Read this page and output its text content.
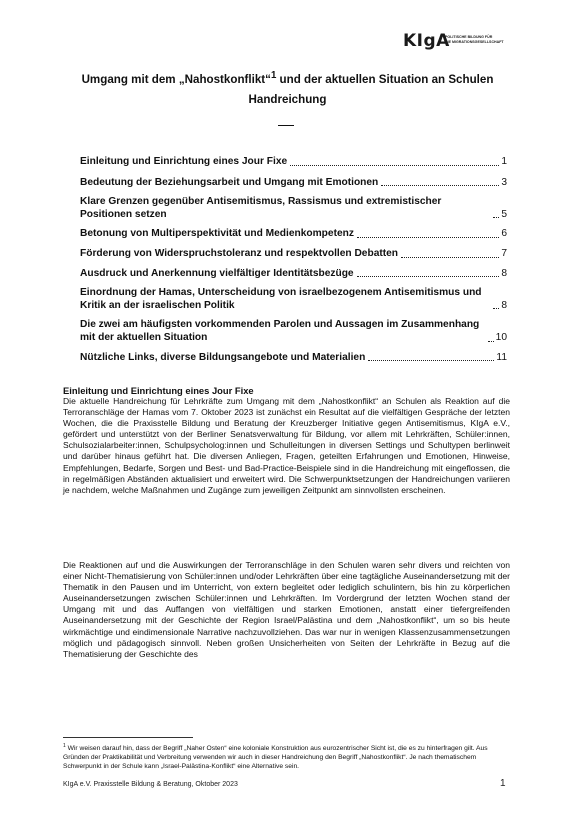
KIgA
POLITISCHE BILDUNG FÜR
DIE MIGRATIONSGESELLSCHAFT
Umgang mit dem „Nahostkonflikt“$^1$ und der aktuellen Situation an Schulen
Handreichung
Einleitung und Einrichtung eines Jour Fixe	1
Bedeutung der Beziehungsarbeit und Umgang mit Emotionen	3
Klare Grenzen gegenüber Antisemitismus, Rassismus und extremistischer Positionen setzen	5
Betonung von Multiperspektivität und Medienkompetenz	6
Förderung von Widerspruchstoleranz und respektvollen Debatten	7
Ausdruck und Anerkennung vielfältiger Identitätsbezüge	8
Einordnung der Hamas, Unterscheidung von israelbezogenem Antisemitismus und Kritik an der israelischen Politik	8
Die zwei am häufigsten vorkommenden Parolen und Aussagen im Zusammenhang mit der aktuellen Situation	10
Nützliche Links, diverse Bildungsangebote und Materialien	11
Einleitung und Einrichtung eines Jour Fixe
Die aktuelle Handreichung für Lehrkräfte zum Umgang mit dem „Nahostkonflikt“ an Schulen als Reaktion auf die Terroranschläge der Hamas vom 7. Oktober 2023 ist zunächst ein Resultat auf die vielfältigen Gespräche der letzten Wochen, die die Praxisstelle Bildung und Beratung der Kreuzberger Initiative gegen Antisemitismus, KIgA e.V., gefördert und unterstützt von der Berliner Senatsverwaltung für Bildung, vor allem mit Lehrkräften, Schüler:innen, Schulsozialarbeiter:innen, Schulpsycholog:innen und Schulleitungen in diversen Settings und Schultypen berlinweit und darüber hinaus geführt hat. Die diversen Anliegen, Fragen, geteilten Erfahrungen und Emotionen, Hinweise, Empfehlungen, Bedarfe, Sorgen und Best- und Bad-Practice-Beispiele sind in die Handreichung mit eingeflossen, die in regelmäßigen Abständen aktualisiert und erweitert wird. Die Schwerpunktsetzungen der Handreichungen variieren je nachdem, welche Maßnahmen und Zugänge zum jeweiligen Zeitpunkt am sinnvollsten erscheinen.
Die Reaktionen auf und die Auswirkungen der Terroranschläge in den Schulen waren sehr divers und reichten von einer Nicht-Thematisierung von Schüler:innen und/oder Lehrkräften über eine tagtägliche Auseinandersetzung mit der Thematik in den Pausen und im Unterricht, von extern begleitet oder lediglich schulintern, bis hin zu körperlichen Auseinandersetzungen zwischen Schüler:innen und Lehrkräften. Im Vordergrund der letzten Wochen stand der Umgang mit und das Auffangen von vielfältigen und starken Emotionen, anstatt einer tiefergreifenden Auseinandersetzung mit der Geschichte der Region Israel/Palästina und dem „Nahostkonflikt“, um so bis heute wirkmächtige und eindimensionale Narrative nachzuvollziehen. Das war nur in wenigen Klassenzusammensetzungen möglich und pädagogisch sinnvoll. Neben großen Unsicherheiten von Seiten der Lehrkräfte in Bezug auf die Thematisierung der Geschichte des
$^1$ Wir weisen darauf hin, dass der Begriff „Naher Osten“ eine koloniale Konstruktion aus eurozentrischer Sicht ist, die es zu hinterfragen gilt. Aus Gründen der Praktikabilität und Verbreitung verwenden wir auch in dieser Handreichung den Begriff „Nahostkonflikt“. Je nach thematischem Schwerpunkt in der Schule kann „Israel-Palästina-Konflikt“ eine Alternative sein.
KIgA e.V. Praxisstelle Bildung & Beratung, Oktober 2023	1
